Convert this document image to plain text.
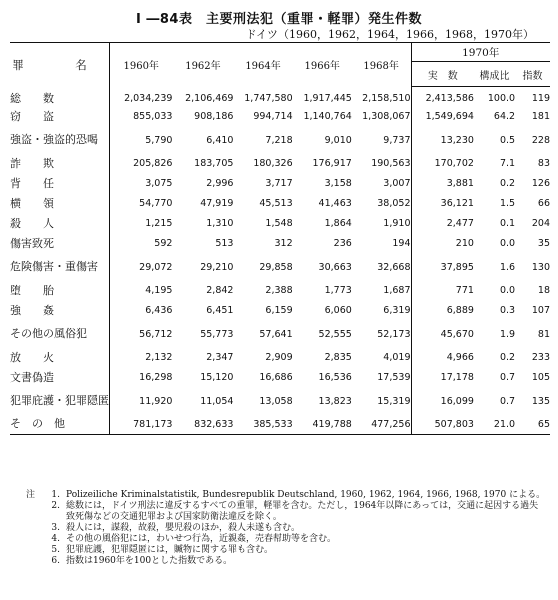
I ―84表　主要刑法犯（重罪・軽罪）発生件数
ドイツ（1960，1962，1964，1966，1968，1970年）
罪　名	1960年	1962年	1964年	1966年	1968年	1970年		
						実　数	構成比	指数
総　　数	2,034,239	2,106,469	1,747,580	1,917,445	2,158,510	2,413,586	100.0	119
窃　　盗	855,033	908,186	994,714	1,140,764	1,308,067	1,549,694	64.2	181
強盗・強盗的恐喝	5,790	6,410	7,218	9,010	9,737	13,230	0.5	228
詐　　欺	205,826	183,705	180,326	176,917	190,563	170,702	7.1	83
背　　任	3,075	2,996	3,717	3,158	3,007	3,881	0.2	126
横　　領	54,770	47,919	45,513	41,463	38,052	36,121	1.5	66
殺　　人	1,215	1,310	1,548	1,864	1,910	2,477	0.1	204
傷害致死	592	513	312	236	194	210	0.0	35
危険傷害・重傷害	29,072	29,210	29,858	30,663	32,668	37,895	1.6	130
堕　　胎	4,195	2,842	2,388	1,773	1,687	771	0.0	18
強　　姦	6,436	6,451	6,159	6,060	6,319	6,889	0.3	107
その他の風俗犯	56,712	55,773	57,641	52,555	52,173	45,670	1.9	81
放　　火	2,132	2,347	2,909	2,835	4,019	4,966	0.2	233
文書偽造	16,298	15,120	16,686	16,536	17,539	17,178	0.7	105
犯罪庇護・犯罪隠匿	11,920	11,054	13,058	13,823	15,319	16,099	0.7	135
そ　の　他	781,173	832,633	385,533	419,788	477,256	507,803	21.0	65
注	1. Polizeiliche Kriminalstatistik, Bundesrepublik Deutschland, 1960, 1962, 1964, 1966, 1968, 1970 による。
2. 総数には，ドイツ刑法に違反するすべての重罪，軽罪を含む。ただし，1964年以降にあっては，交通に起因する過失致死傷などの交通犯罪および国家防衛法違反を除く。
3. 殺人には，謀殺，故殺，嬰児殺のほか，殺人未遂も含む。
4. その他の風俗犯には，わいせつ行為，近親姦，売春幇助等を含む。
5. 犯罪庇護，犯罪隠匿には，贓物に関する罪も含む。
6. 指数は1960年を100とした指数である。
